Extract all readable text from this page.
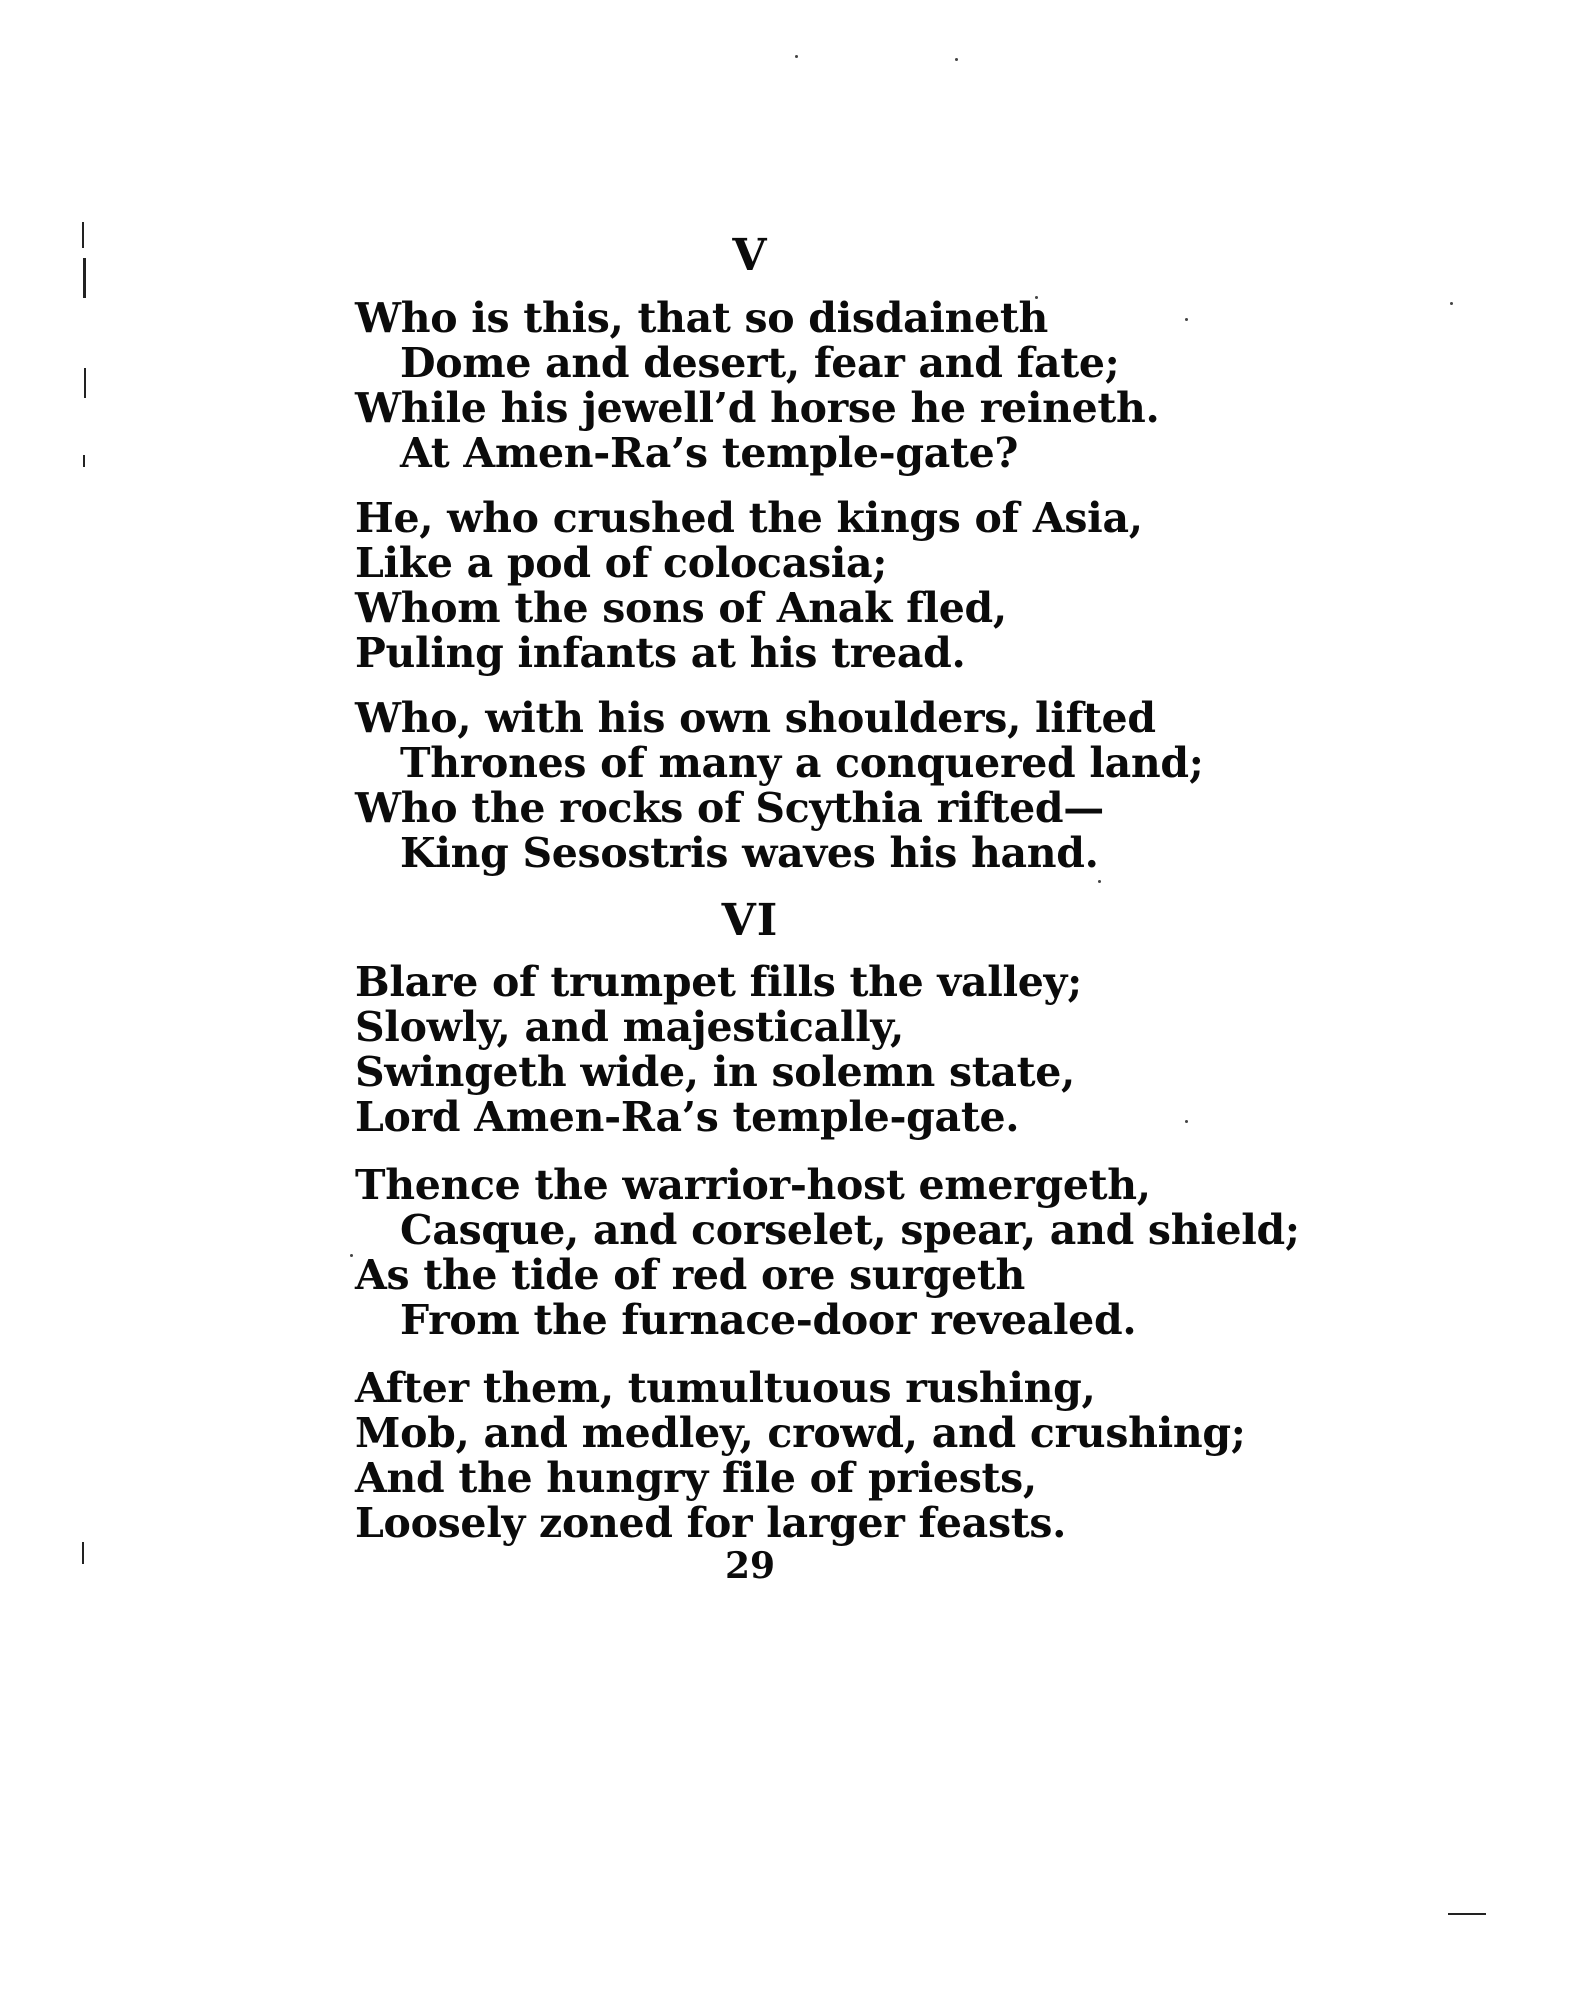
V
Who is this, that so disdaineth
Dome and desert, fear and fate;
While his jewell’d horse he reineth.
At Amen-Ra’s temple-gate?
He, who crushed the kings of Asia,
Like a pod of colocasia;
Whom the sons of Anak fled,
Puling infants at his tread.
Who, with his own shoulders, lifted
Thrones of many a conquered land;
Who the rocks of Scythia rifted—
King Sesostris waves his hand.
VI
Blare of trumpet fills the valley;
Slowly, and majestically,
Swingeth wide, in solemn state,
Lord Amen-Ra’s temple-gate.
Thence the warrior-host emergeth,
Casque, and corselet, spear, and shield;
As the tide of red ore surgeth
From the furnace-door revealed.
After them, tumultuous rushing,
Mob, and medley, crowd, and crushing;
And the hungry file of priests,
Loosely zoned for larger feasts.

29
